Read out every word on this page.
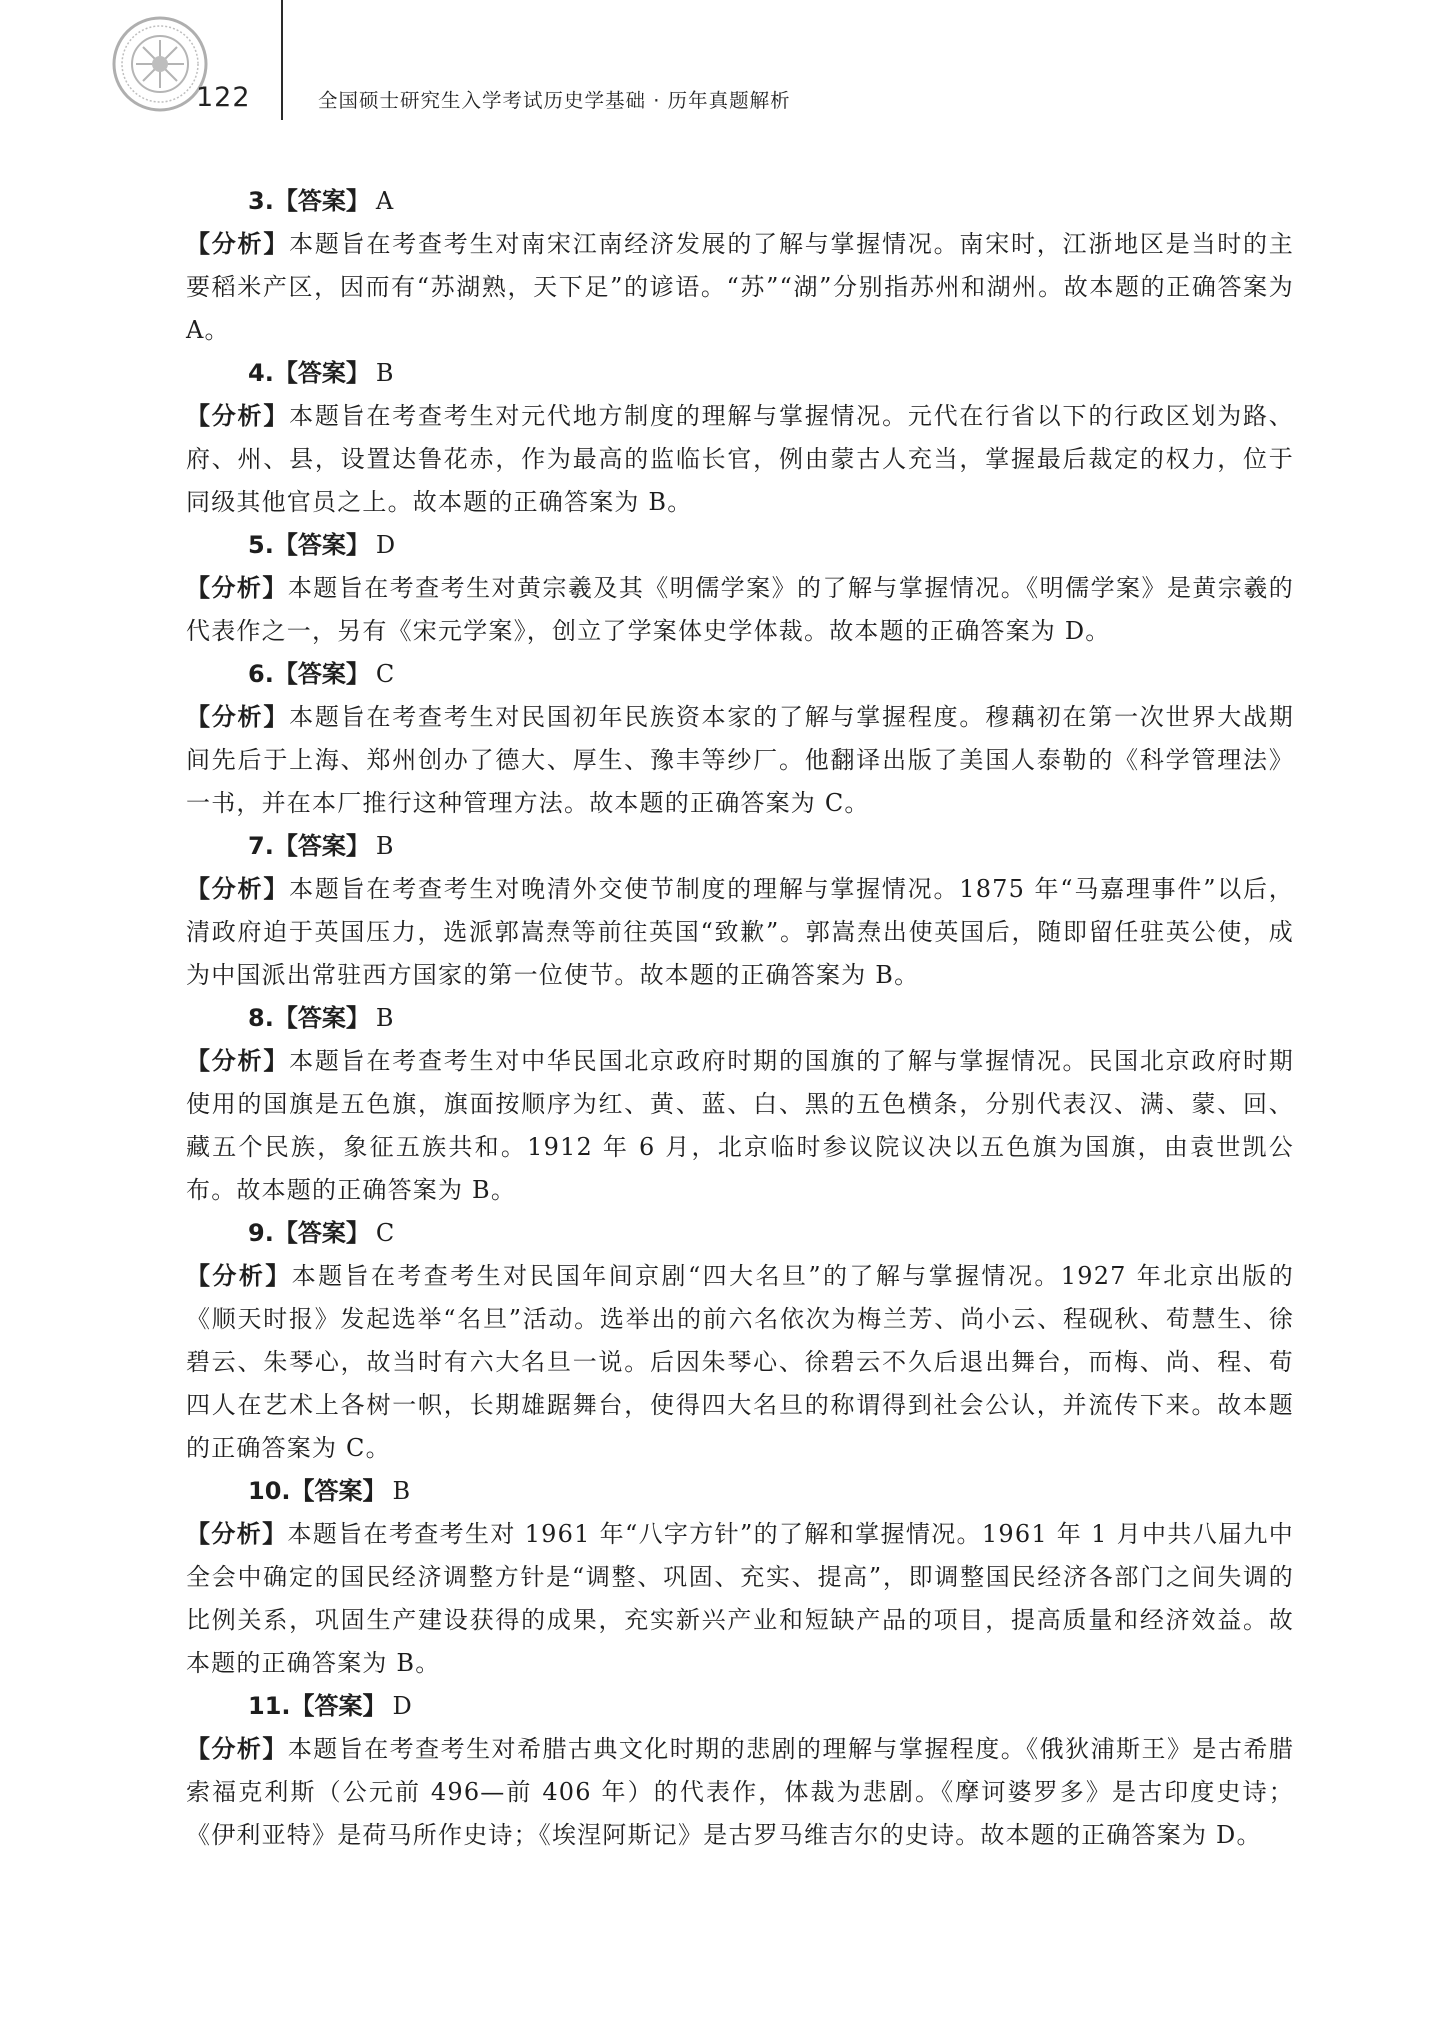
122	全国硕士研究生入学考试历史学基础 · 历年真题解析
3.【答案】 A

【分析】本题旨在考查考生对南宋江南经济发展的了解与掌握情况。南宋时，江浙地区是当时的主要稻米产区，因而有“苏湖熟，天下足”的谚语。“苏”“湖”分别指苏州和湖州。故本题的正确答案为 A。

4.【答案】 B

【分析】本题旨在考查考生对元代地方制度的理解与掌握情况。元代在行省以下的行政区划为路、府、州、县，设置达鲁花赤，作为最高的监临长官，例由蒙古人充当，掌握最后裁定的权力，位于同级其他官员之上。故本题的正确答案为 B。

5.【答案】 D

【分析】本题旨在考查考生对黄宗羲及其《明儒学案》的了解与掌握情况。《明儒学案》是黄宗羲的代表作之一，另有《宋元学案》，创立了学案体史学体裁。故本题的正确答案为 D。

6.【答案】 C

【分析】本题旨在考查考生对民国初年民族资本家的了解与掌握程度。穆藕初在第一次世界大战期间先后于上海、郑州创办了德大、厚生、豫丰等纱厂。他翻译出版了美国人泰勒的《科学管理法》一书，并在本厂推行这种管理方法。故本题的正确答案为 C。

7.【答案】 B

【分析】本题旨在考查考生对晚清外交使节制度的理解与掌握情况。1875 年“马嘉理事件”以后，清政府迫于英国压力，选派郭嵩焘等前往英国“致歉”。郭嵩焘出使英国后，随即留任驻英公使，成为中国派出常驻西方国家的第一位使节。故本题的正确答案为 B。

8.【答案】 B

【分析】本题旨在考查考生对中华民国北京政府时期的国旗的了解与掌握情况。民国北京政府时期使用的国旗是五色旗，旗面按顺序为红、黄、蓝、白、黑的五色横条，分别代表汉、满、蒙、回、藏五个民族，象征五族共和。1912 年 6 月，北京临时参议院议决以五色旗为国旗，由袁世凯公布。故本题的正确答案为 B。

9.【答案】 C

【分析】本题旨在考查考生对民国年间京剧“四大名旦”的了解与掌握情况。1927 年北京出版的《顺天时报》发起选举“名旦”活动。选举出的前六名依次为梅兰芳、尚小云、程砚秋、荀慧生、徐碧云、朱琴心，故当时有六大名旦一说。后因朱琴心、徐碧云不久后退出舞台，而梅、尚、程、荀四人在艺术上各树一帜，长期雄踞舞台，使得四大名旦的称谓得到社会公认，并流传下来。故本题的正确答案为 C。

10.【答案】 B

【分析】本题旨在考查考生对 1961 年“八字方针”的了解和掌握情况。1961 年 1 月中共八届九中全会中确定的国民经济调整方针是“调整、巩固、充实、提高”，即调整国民经济各部门之间失调的比例关系，巩固生产建设获得的成果，充实新兴产业和短缺产品的项目，提高质量和经济效益。故本题的正确答案为 B。

11.【答案】 D

【分析】本题旨在考查考生对希腊古典文化时期的悲剧的理解与掌握程度。《俄狄浦斯王》是古希腊索福克利斯（公元前 496—前 406 年）的代表作，体裁为悲剧。《摩诃婆罗多》是古印度史诗；《伊利亚特》是荷马所作史诗；《埃涅阿斯记》是古罗马维吉尔的史诗。故本题的正确答案为 D。
